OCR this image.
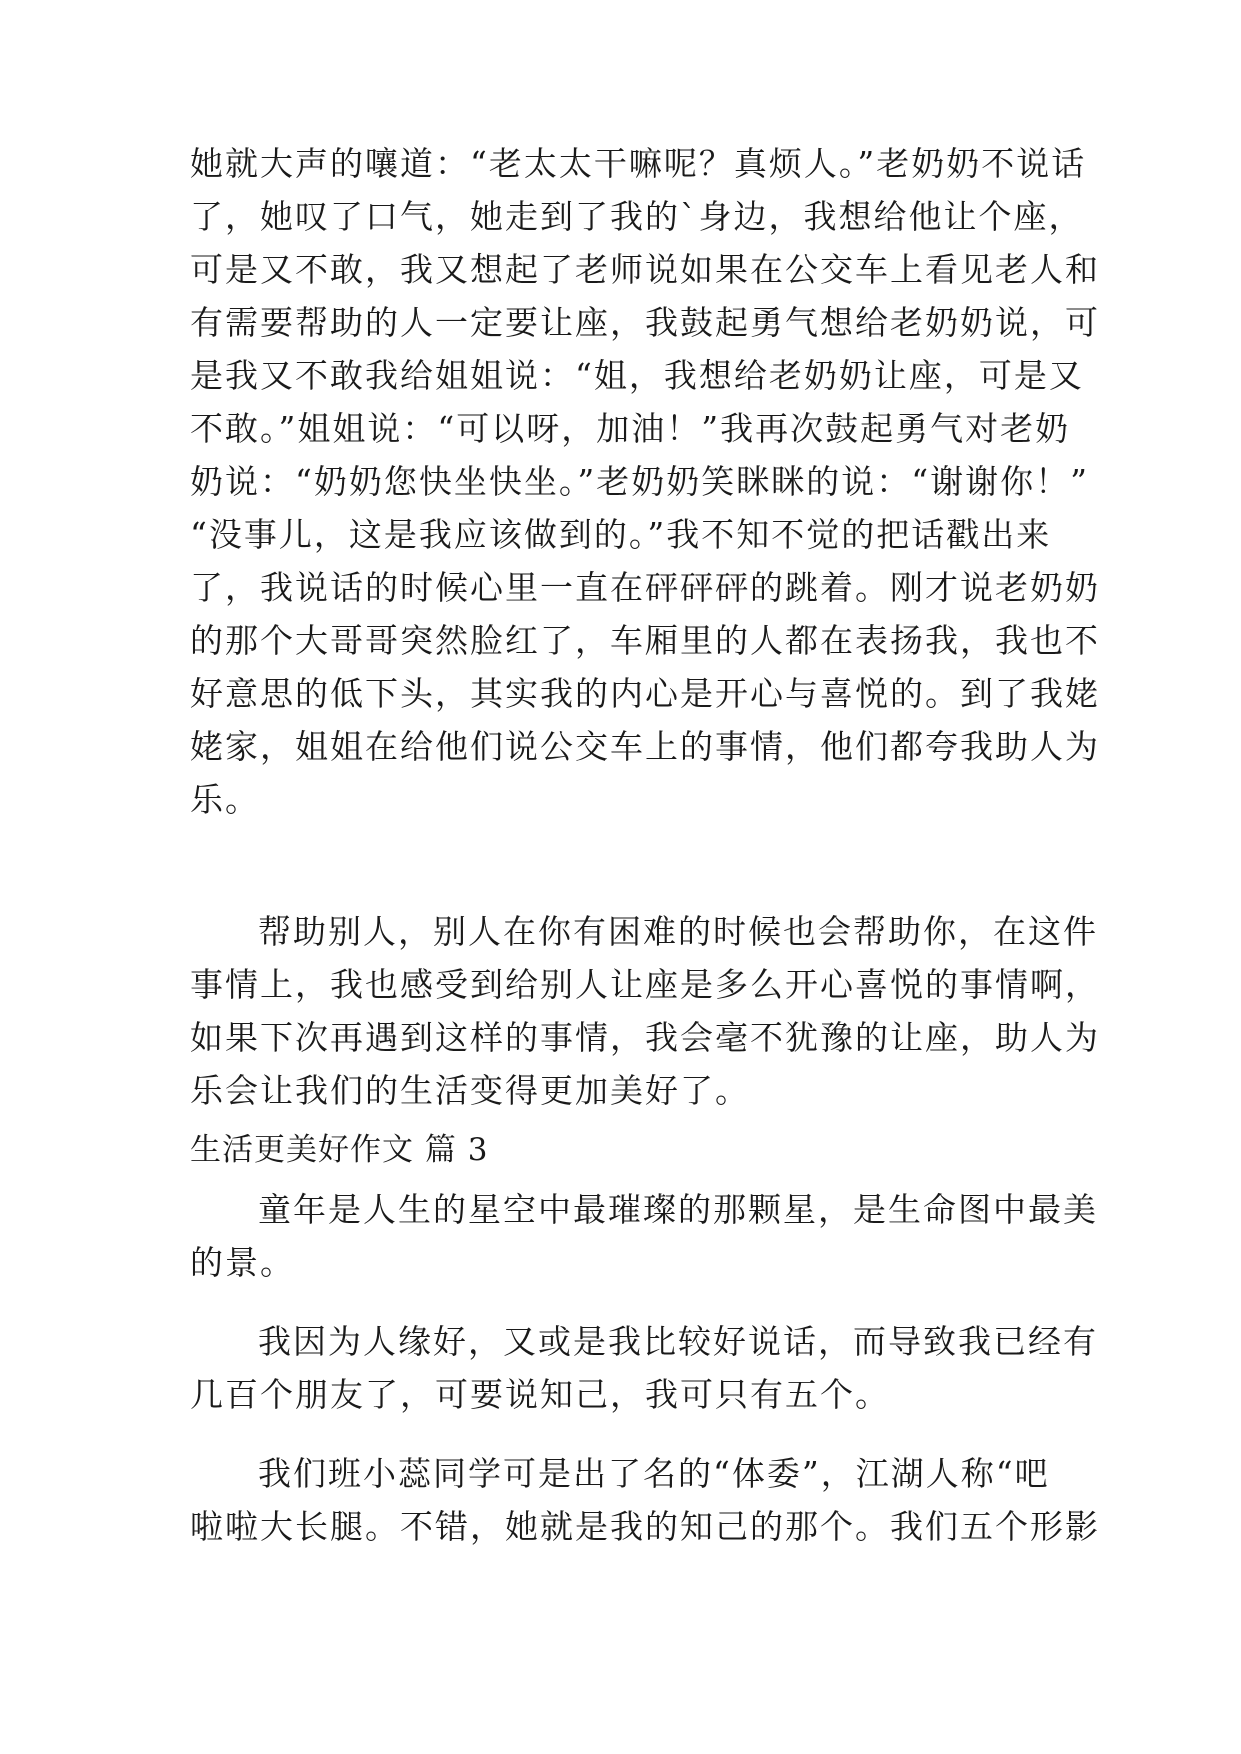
她就大声的嚷道：“老太太干嘛呢？真烦人。”老奶奶不说话
了，她叹了口气，她走到了我的`身边，我想给他让个座，
可是又不敢，我又想起了老师说如果在公交车上看见老人和
有需要帮助的人一定要让座，我鼓起勇气想给老奶奶说，可
是我又不敢我给姐姐说：“姐，我想给老奶奶让座，可是又
不敢。”姐姐说：“可以呀，加油！”我再次鼓起勇气对老奶
奶说：“奶奶您快坐快坐。”老奶奶笑眯眯的说：“谢谢你！”
“没事儿，这是我应该做到的。”我不知不觉的把话戳出来
了，我说话的时候心里一直在砰砰砰的跳着。刚才说老奶奶
的那个大哥哥突然脸红了，车厢里的人都在表扬我，我也不
好意思的低下头，其实我的内心是开心与喜悦的。到了我姥
姥家，姐姐在给他们说公交车上的事情，他们都夸我助人为
乐。
帮助别人，别人在你有困难的时候也会帮助你，在这件
事情上，我也感受到给别人让座是多么开心喜悦的事情啊，
如果下次再遇到这样的事情，我会毫不犹豫的让座，助人为
乐会让我们的生活变得更加美好了。
生活更美好作文 篇 3
童年是人生的星空中最璀璨的那颗星，是生命图中最美
的景。
我因为人缘好，又或是我比较好说话，而导致我已经有
几百个朋友了，可要说知己，我可只有五个。
我们班小蕊同学可是出了名的“体委”，江湖人称“吧
啦啦大长腿。不错，她就是我的知己的那个。我们五个形影
